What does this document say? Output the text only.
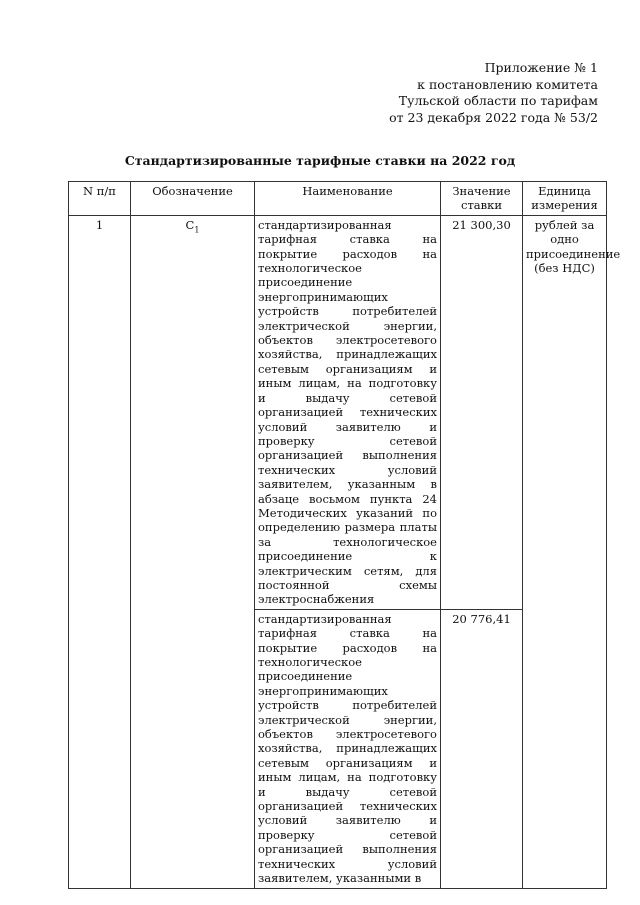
Приложение № 1
к постановлению комитета
Тульской области по тарифам
от 23 декабря 2022 года № 53/2
Стандартизированные тарифные ставки на 2022 год
N п/п	Обозначение	Наименование	Значение ставки	Единица измерения
1	$C_1$	стандартизированная тарифная ставка на покрытие расходов на технологическое присоединение энергопринимающих устройств потребителей электрической энергии, объектов электросетевого хозяйства, принадлежащих сетевым организациям и иным лицам, на подготовку и выдачу сетевой организацией технических условий заявителю и проверку сетевой организацией выполнения технических условий заявителем, указанным в абзаце восьмом пункта 24 Методических указаний по определению размера платы за технологическое присоединение к электрическим сетям, для постоянной схемы электроснабжения	21 300,30	рублей за одно присоединение (без НДС)
		стандартизированная тарифная ставка на покрытие расходов на технологическое присоединение энергопринимающих устройств потребителей электрической энергии, объектов электросетевого хозяйства, принадлежащих сетевым организациям и иным лицам, на подготовку и выдачу сетевой организацией технических условий заявителю и проверку сетевой организацией выполнения технических условий заявителем, указанными в	20 776,41	
